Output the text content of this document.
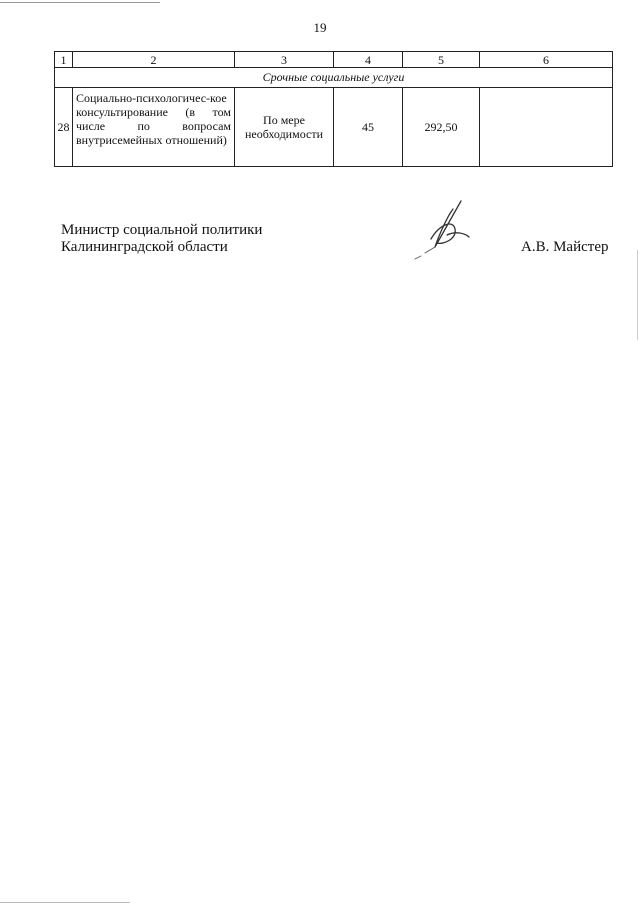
19
1	2	3	4	5	6
Срочные социальные услуги					
28	Социально-психологичес-кое консультирование (в том числе по вопросам внутрисемейных отношений)	По мере необходимости	45	292,50	
Министр социальной политики
Калининградской области	А.В. Майстер
